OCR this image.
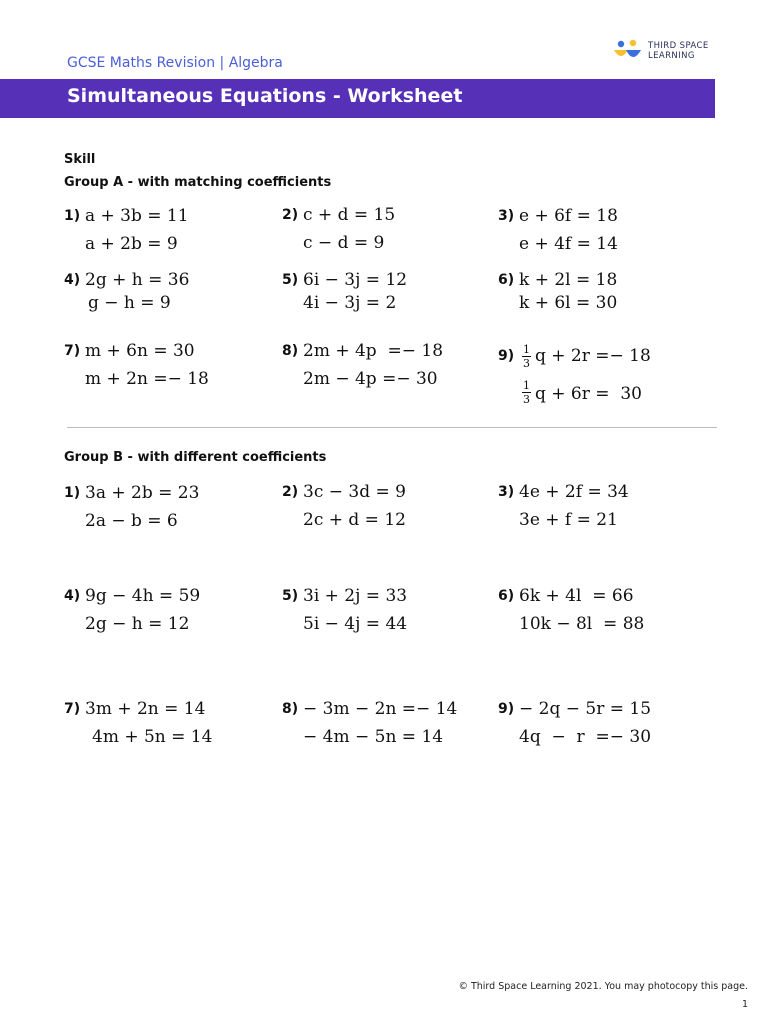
GCSE Maths Revision | Algebra
THIRD SPACE
LEARNING
Simultaneous Equations - Worksheet
Skill
Group A - with matching coefficients
1) a + 3b = 11
a + 2b = 9
2) c + d = 15
c − d = 9
3) e + 6f = 18
e + 4f = 14
4) 2g + h = 36
g − h = 9
5) 6i − 3j = 12
4i − 3j = 2
6) k + 2l = 18
k + 6l = 30
7) m + 6n = 30
m + 2n =− 18
8) 2m + 4p  =− 18
2m − 4p =− 30
9) 1
3 q + 2r =− 18
1
3 q + 6r =  30
Group B - with different coefficients
1) 3a + 2b = 23
2a − b = 6
2) 3c − 3d = 9
2c + d = 12
3) 4e + 2f = 34
3e + f = 21
4) 9g − 4h = 59
2g − h = 12
5) 3i + 2j = 33
5i − 4j = 44
6) 6k + 4l  = 66
10k − 8l  = 88
7) 3m + 2n = 14
4m + 5n = 14
8) − 3m − 2n =− 14
− 4m − 5n = 14
9) − 2q − 5r = 15
4q  −  r  =− 30
© Third Space Learning 2021. You may photocopy this page.
1
